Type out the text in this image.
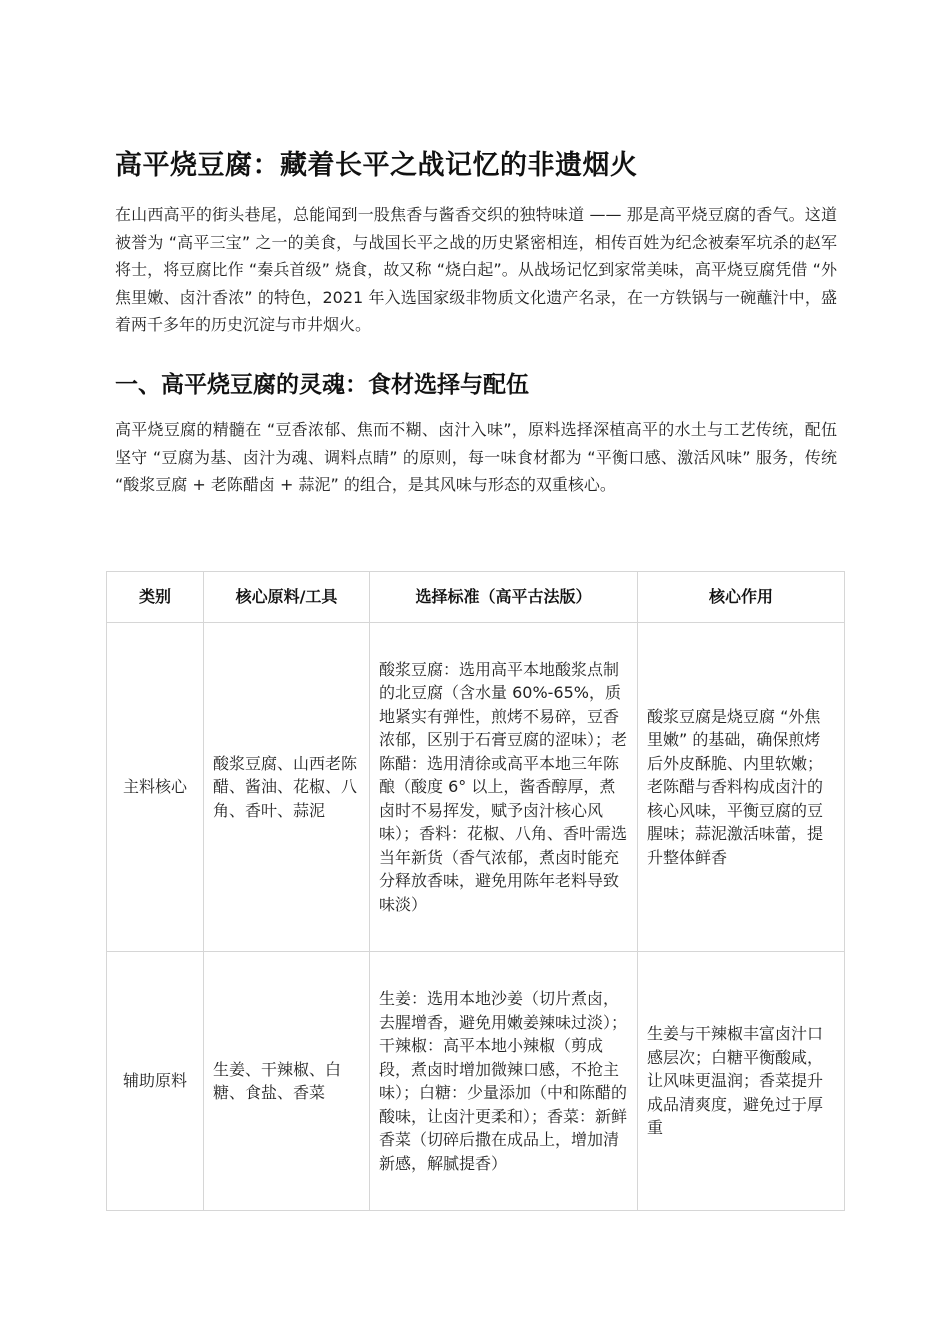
高平烧豆腐：藏着长平之战记忆的非遗烟火

在山西高平的街头巷尾，总能闻到一股焦香与酱香交织的独特味道 —— 那是高平烧豆腐的香气。这道被誉为 “高平三宝” 之一的美食，与战国长平之战的历史紧密相连，相传百姓为纪念被秦军坑杀的赵军将士，将豆腐比作 “秦兵首级” 烧食，故又称 “烧白起”。从战场记忆到家常美味，高平烧豆腐凭借 “外焦里嫩、卤汁香浓” 的特色，2021 年入选国家级非物质文化遗产名录，在一方铁锅与一碗蘸汁中，盛着两千多年的历史沉淀与市井烟火。

一、高平烧豆腐的灵魂：食材选择与配伍

高平烧豆腐的精髓在 “豆香浓郁、焦而不糊、卤汁入味”，原料选择深植高平的水土与工艺传统，配伍坚守 “豆腐为基、卤汁为魂、调料点睛” 的原则，每一味食材都为 “平衡口感、激活风味” 服务，传统 “酸浆豆腐 + 老陈醋卤 + 蒜泥” 的组合，是其风味与形态的双重核心。

类别	核心原料/工具	选择标准（高平古法版）	核心作用
主料核心	酸浆豆腐、山西老陈醋、酱油、花椒、八角、香叶、蒜泥	酸浆豆腐：选用高平本地酸浆点制的北豆腐（含水量 60%-65%，质地紧实有弹性，煎烤不易碎，豆香浓郁，区别于石膏豆腐的涩味）；老陈醋：选用清徐或高平本地三年陈酿（酸度 6° 以上，酱香醇厚，煮卤时不易挥发，赋予卤汁核心风味）；香料：花椒、八角、香叶需选当年新货（香气浓郁，煮卤时能充分释放香味，避免用陈年老料导致味淡）	酸浆豆腐是烧豆腐 “外焦里嫩” 的基础，确保煎烤后外皮酥脆、内里软嫩；老陈醋与香料构成卤汁的核心风味，平衡豆腐的豆腥味；蒜泥激活味蕾，提升整体鲜香
辅助原料	生姜、干辣椒、白糖、食盐、香菜	生姜：选用本地沙姜（切片煮卤，去腥增香，避免用嫩姜辣味过淡）；干辣椒：高平本地小辣椒（剪成段，煮卤时增加微辣口感，不抢主味）；白糖：少量添加（中和陈醋的酸味，让卤汁更柔和）；香菜：新鲜香菜（切碎后撒在成品上，增加清新感，解腻提香）	生姜与干辣椒丰富卤汁口感层次；白糖平衡酸咸，让风味更温润；香菜提升成品清爽度，避免过于厚重
